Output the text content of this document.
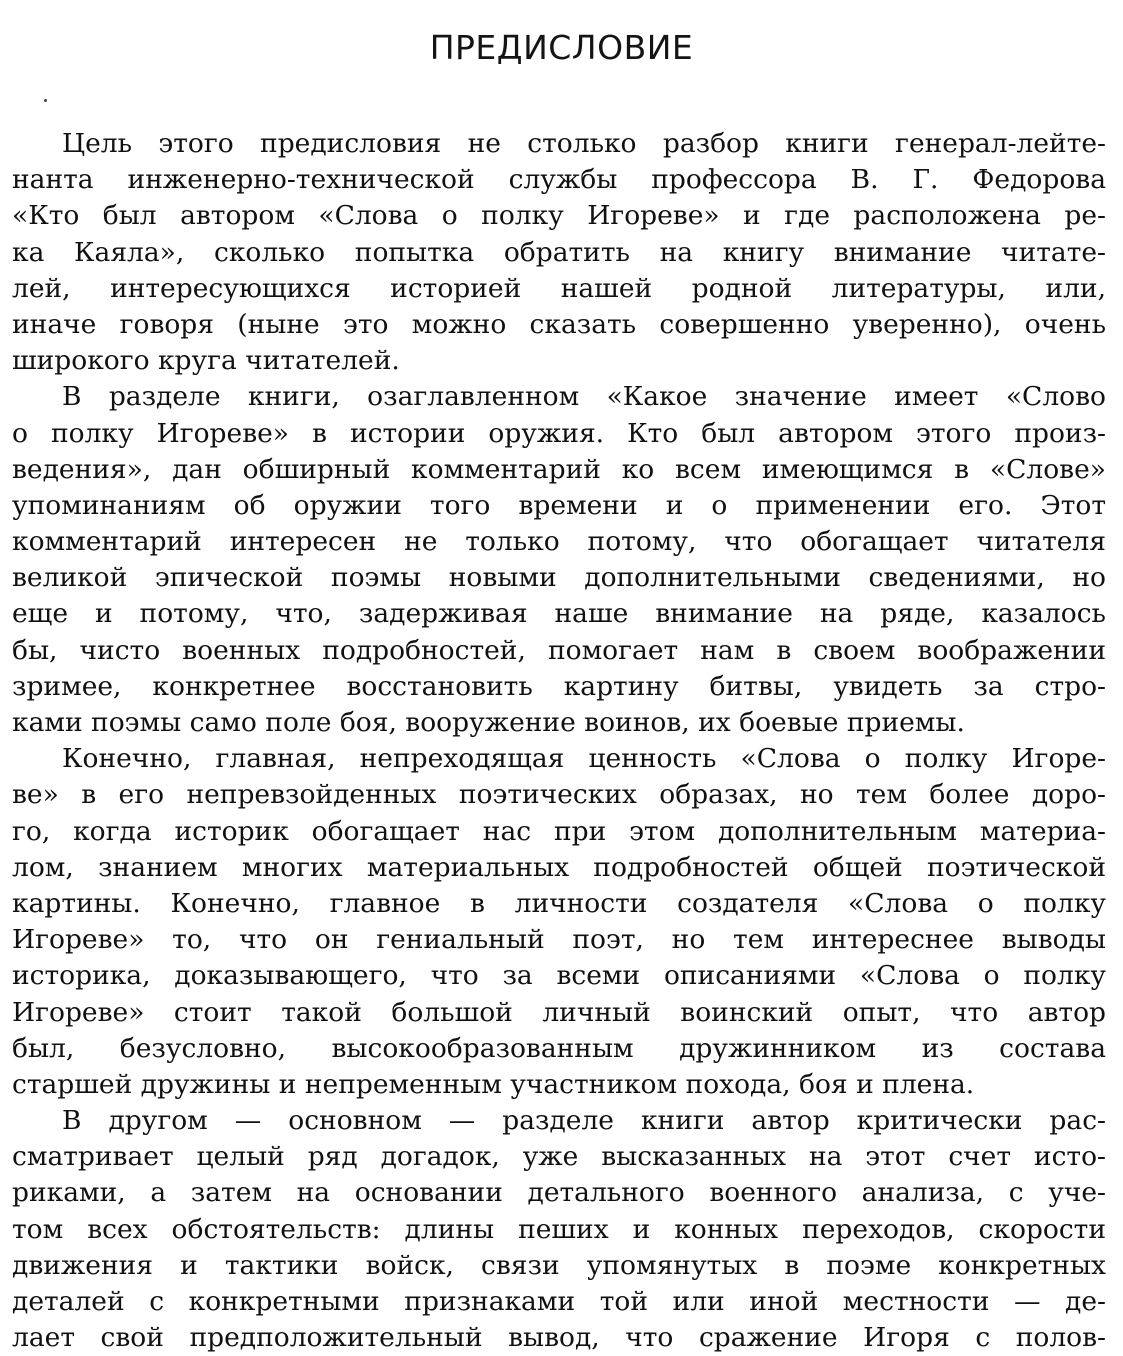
ПРЕДИСЛОВИЕ
Цель этого предисловия не столько разбор книги генерал-лейте-
нанта инженерно-технической службы профессора В. Г. Федорова
«Кто был автором «Слова о полку Игореве» и где расположена ре-
ка Каяла», сколько попытка обратить на книгу внимание читате-
лей, интересующихся историей нашей родной литературы, или,
иначе говоря (ныне это можно сказать совершенно уверенно), очень
широкого круга читателей.
В разделе книги, озаглавленном «Какое значение имеет «Слово
о полку Игореве» в истории оружия. Кто был автором этого произ-
ведения», дан обширный комментарий ко всем имеющимся в «Слове»
упоминаниям об оружии того времени и о применении его. Этот
комментарий интересен не только потому, что обогащает читателя
великой эпической поэмы новыми дополнительными сведениями, но
еще и потому, что, задерживая наше внимание на ряде, казалось
бы, чисто военных подробностей, помогает нам в своем воображении
зримее, конкретнее восстановить картину битвы, увидеть за стро-
ками поэмы само поле боя, вооружение воинов, их боевые приемы.
Конечно, главная, непреходящая ценность «Слова о полку Игоре-
ве» в его непревзойденных поэтических образах, но тем более доро-
го, когда историк обогащает нас при этом дополнительным материа-
лом, знанием многих материальных подробностей общей поэтической
картины. Конечно, главное в личности создателя «Слова о полку
Игореве» то, что он гениальный поэт, но тем интереснее выводы
историка, доказывающего, что за всеми описаниями «Слова о полку
Игореве» стоит такой большой личный воинский опыт, что автор
был, безусловно, высокообразованным дружинником из состава
старшей дружины и непременным участником похода, боя и плена.
В другом — основном — разделе книги автор критически рас-
сматривает целый ряд догадок, уже высказанных на этот счет исто-
риками, а затем на основании детального военного анализа, с уче-
том всех обстоятельств: длины пеших и конных переходов, скорости
движения и тактики войск, связи упомянутых в поэме конкретных
деталей с конкретными признаками той или иной местности — де-
лает свой предположительный вывод, что сражение Игоря с полов-
